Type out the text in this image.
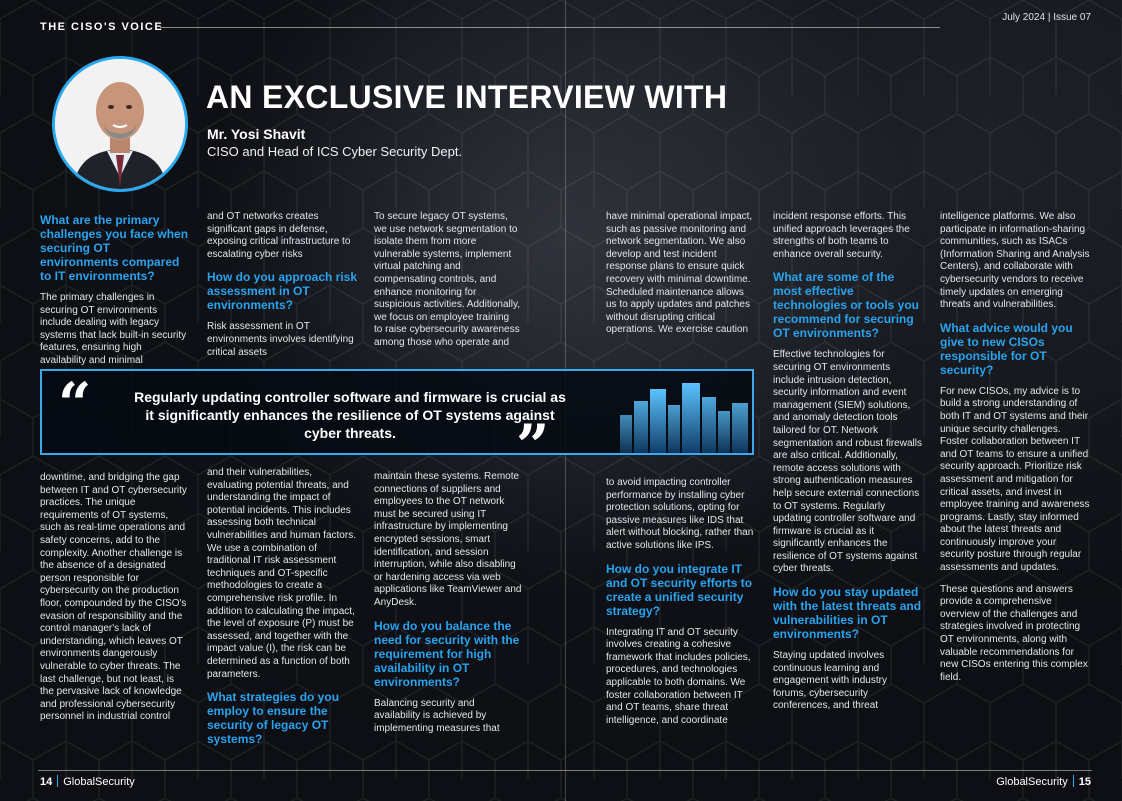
THE CISO'S VOICE
July 2024 | Issue 07
AN EXCLUSIVE INTERVIEW WITH
Mr. Yosi Shavit
CISO and Head of ICS Cyber Security Dept.
What are the primary challenges you face when securing OT environments compared to IT environments?

The primary challenges in securing OT environments include dealing with legacy systems that lack built-in security features, ensuring high availability and minimal

and OT networks creates significant gaps in defense, exposing critical infrastructure to escalating cyber risks

How do you approach risk assessment in OT environments?

Risk assessment in OT environments involves identifying critical assets

To secure legacy OT systems, we use network segmentation to isolate them from more vulnerable systems, implement virtual patching and compensating controls, and enhance monitoring for suspicious activities. Additionally, we focus on employee training to raise cybersecurity awareness among those who operate and

have minimal operational impact, such as passive monitoring and network segmentation. We also develop and test incident response plans to ensure quick recovery with minimal downtime. Scheduled maintenance allows us to apply updates and patches without disrupting critical operations. We exercise caution

incident response efforts. This unified approach leverages the strengths of both teams to enhance overall security.

What are some of the most effective technologies or tools you recommend for securing OT environments?

Effective technologies for securing OT environments include intrusion detection, security information and event management (SIEM) solutions, and anomaly detection tools tailored for OT. Network segmentation and robust firewalls are also critical. Additionally, remote access solutions with strong authentication measures help secure external connections to OT systems. Regularly updating controller software and firmware is crucial as it significantly enhances the resilience of OT systems against cyber threats.

How do you stay updated with the latest threats and vulnerabilities in OT environments?

Staying updated involves continuous learning and engagement with industry forums, cybersecurity conferences, and threat

intelligence platforms. We also participate in information-sharing communities, such as ISACs (Information Sharing and Analysis Centers), and collaborate with cybersecurity vendors to receive timely updates on emerging threats and vulnerabilities.

What advice would you give to new CISOs responsible for OT security?

For new CISOs, my advice is to build a strong understanding of both IT and OT systems and their unique security challenges. Foster collaboration between IT and OT teams to ensure a unified security approach. Prioritize risk assessment and mitigation for critical assets, and invest in employee training and awareness programs. Lastly, stay informed about the latest threats and continuously improve your security posture through regular assessments and updates.

These questions and answers provide a comprehensive overview of the challenges and strategies involved in protecting OT environments, along with valuable recommendations for new CISOs entering this complex field.

“	Regularly updating controller software and firmware is crucial as it significantly enhances the resilience of OT systems against cyber threats.	”

downtime, and bridging the gap between IT and OT cybersecurity practices. The unique requirements of OT systems, such as real-time operations and safety concerns, add to the complexity. Another challenge is the absence of a designated person responsible for cybersecurity on the production floor, compounded by the CISO's evasion of responsibility and the control manager's lack of understanding, which leaves OT environments dangerously vulnerable to cyber threats. The last challenge, but not least, is the pervasive lack of knowledge and professional cybersecurity personnel in industrial control

and their vulnerabilities, evaluating potential threats, and understanding the impact of potential incidents. This includes assessing both technical vulnerabilities and human factors. We use a combination of traditional IT risk assessment techniques and OT-specific methodologies to create a comprehensive risk profile. In addition to calculating the impact, the level of exposure (P) must be assessed, and together with the impact value (I), the risk can be determined as a function of both parameters.

What strategies do you employ to ensure the security of legacy OT systems?

maintain these systems. Remote connections of suppliers and employees to the OT network must be secured using IT infrastructure by implementing encrypted sessions, smart identification, and session interruption, while also disabling or hardening access via web applications like TeamViewer and AnyDesk.

How do you balance the need for security with the requirement for high availability in OT environments?

Balancing security and availability is achieved by implementing measures that

to avoid impacting controller performance by installing cyber protection solutions, opting for passive measures like IDS that alert without blocking, rather than active solutions like IPS.

How do you integrate IT and OT security efforts to create a unified security strategy?

Integrating IT and OT security involves creating a cohesive framework that includes policies, procedures, and technologies applicable to both domains. We foster collaboration between IT and OT teams, share threat intelligence, and coordinate

14 GlobalSecurity	GlobalSecurity 15
